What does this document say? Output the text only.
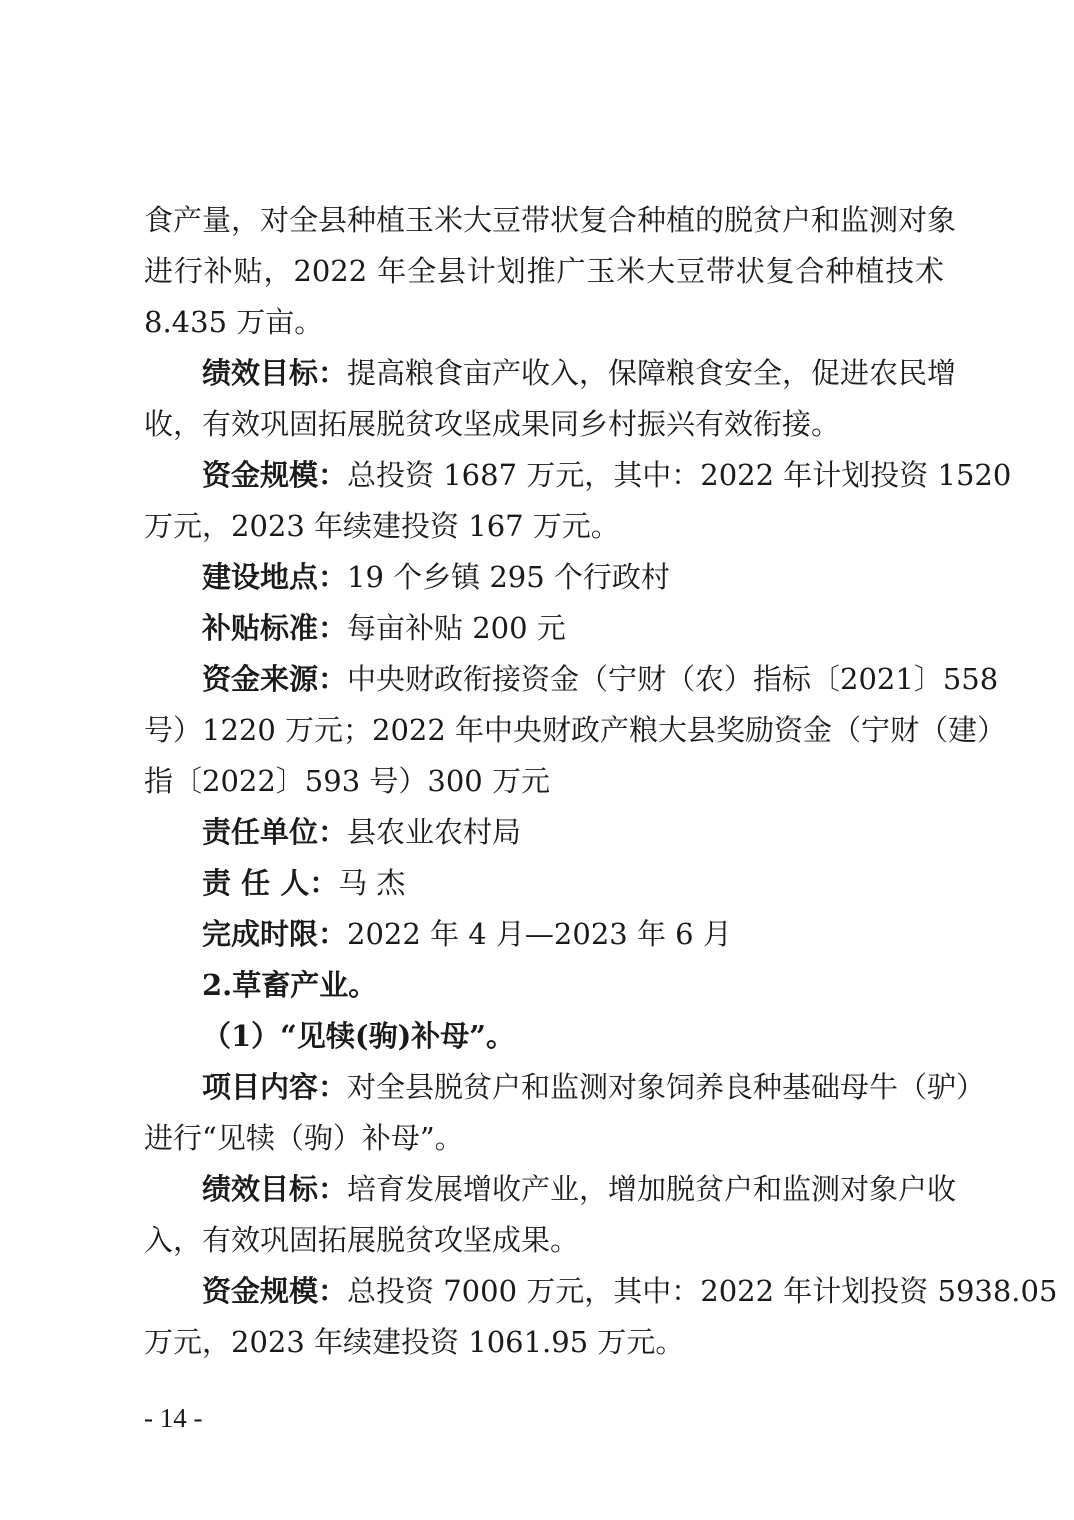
食产量，对全县种植玉米大豆带状复合种植的脱贫户和监测对象
进行补贴，2022 年全县计划推广玉米大豆带状复合种植技术
8.435 万亩。
绩效目标：提高粮食亩产收入，保障粮食安全，促进农民增
收，有效巩固拓展脱贫攻坚成果同乡村振兴有效衔接。
资金规模：总投资 1687 万元，其中：2022 年计划投资 1520
万元，2023 年续建投资 167 万元。
建设地点：19 个乡镇 295 个行政村
补贴标准：每亩补贴 200 元
资金来源：中央财政衔接资金（宁财（农）指标〔2021〕558
号）1220 万元；2022 年中央财政产粮大县奖励资金（宁财（建）
指〔2022〕593 号）300 万元
责任单位：县农业农村局
责 任 人：马 杰
完成时限：2022 年 4 月—2023 年 6 月
2.草畜产业。
（1）“见犊(驹)补母”。
项目内容：对全县脱贫户和监测对象饲养良种基础母牛（驴）
进行“见犊（驹）补母”。
绩效目标：培育发展增收产业，增加脱贫户和监测对象户收
入，有效巩固拓展脱贫攻坚成果。
资金规模：总投资 7000 万元，其中：2022 年计划投资 5938.05
万元，2023 年续建投资 1061.95 万元。
- 14 -
